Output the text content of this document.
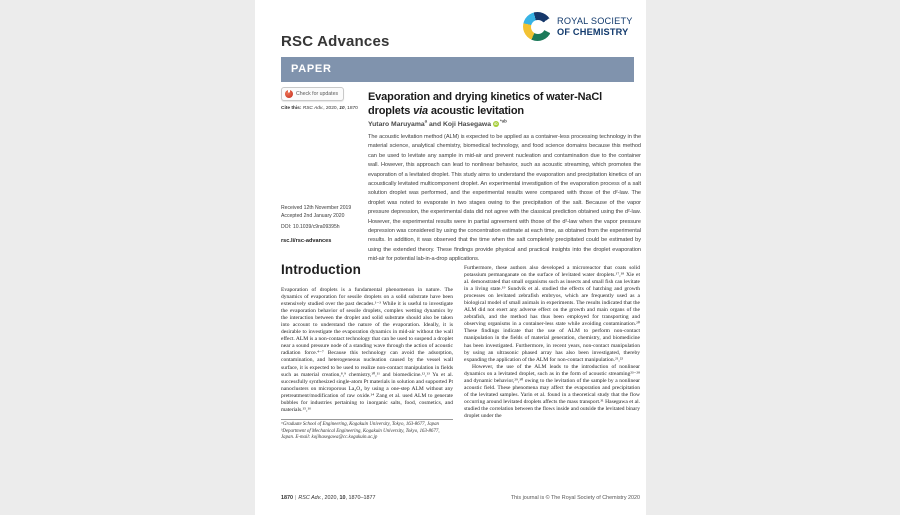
RSC Advances
ROYAL SOCIETY
OF CHEMISTRY
PAPER
Check for updates
Cite this: RSC Adv., 2020, 10, 1870
Received 12th November 2019
Accepted 2nd January 2020
DOI: 10.1039/c9ra09395h
rsc.li/rsc-advances
Evaporation and drying kinetics of water-NaCl
droplets via acoustic levitation
Yutaro Maruyama$^a$ and Koji Hasegawa $iD^{*ab}$
The acoustic levitation method (ALM) is expected to be applied as a container-less processing technology in the material science, analytical chemistry, biomedical technology, and food science domains because this method can be used to levitate any sample in mid-air and prevent nucleation and contamination due to the container wall. However, this approach can lead to nonlinear behavior, such as acoustic streaming, which promotes the evaporation of a levitated droplet. This study aims to understand the evaporation and precipitation kinetics of an acoustically levitated multicomponent droplet. An experimental investigation of the evaporation process of a salt solution droplet was performed, and the experimental results were compared with those of the d²-law. The droplet was noted to evaporate in two stages owing to the precipitation of the salt. Because of the vapor pressure depression, the experimental data did not agree with the classical prediction obtained using the d²-law. However, the experimental results were in partial agreement with those of the d²-law when the vapor pressure depression was considered by using the concentration estimate at each time, as obtained from the experimental results. In addition, it was observed that the time when the salt completely precipitated could be estimated by using the extended theory. These findings provide physical and practical insights into the droplet evaporation mid-air for potential lab-in-a-drop applications.
Introduction

Evaporation of droplets is a fundamental phenomenon in nature. The dynamics of evaporation for sessile droplets on a solid substrate have been extensively studied over the past decades.¹⁻³ While it is useful to investigate the evaporation behavior of sessile droplets, complex wetting dynamics by the interaction between the droplet and solid substrate should also be taken into account to understand the nature of the evaporation. Ideally, it is desirable to investigate the evaporation dynamics in mid-air without the wall effect. ALM is a non-contact technology that can be used to suspend a droplet near a sound pressure node of a standing wave through the action of acoustic radiation force.⁴⁻⁷ Because this technology can avoid the adsorption, contamination, and heterogeneous nucleation caused by the vessel wall surface, it is expected to be used to realize non-contact manipulation in fields such as material creation,⁸,⁹ chemistry,¹⁰,¹¹ and biomedicine.¹²,¹³ Yu et al. successfully synthesized single-atom Pt materials in solution and supported Pt nanoclusters on microporous La₂O₃ by using a one-step ALM without any pretreatment/modification of raw oxide.¹⁴ Zang et al. used ALM to generate bubbles for industries pertaining to inorganic salts, food, cosmetics, and materials.¹⁵,¹⁶

ᵃGraduate School of Engineering, Kogakuin University, Tokyo, 163-8677, Japan

ᵇDepartment of Mechanical Engineering, Kogakuin University, Tokyo, 163-8677, Japan. E-mail: kojihasegawa@cc.kogakuin.ac.jp

Furthermore, these authors also developed a microreactor that coats solid potassium permanganate on the surface of levitated water droplets.¹⁷,¹⁸ Xie et al. demonstrated that small organisms such as insects and small fish can levitate in a living state.¹⁹ Sundvik et al. studied the effects of hatching and growth processes on levitated zebrafish embryos, which are frequently used as a biological model of small animals in experiments. The results indicated that the ALM did not exert any adverse effect on the growth and main organs of the zebrafish, and the method has thus been employed for transporting and observing organisms in a container-less state while avoiding contamination.²⁰ These findings indicate that the use of ALM to perform non-contact manipulation in the fields of material generation, chemistry, and biomedicine has been investigated. Furthermore, in recent years, non-contact manipulation by using an ultrasonic phased array has also been investigated, thereby expanding the application of the ALM for non-contact manipulation.²¹,²²

However, the use of the ALM leads to the introduction of nonlinear dynamics on a levitated droplet, such as in the form of acoustic streaming²³⁻²⁸ and dynamic behavior,²⁹,³⁰ owing to the levitation of the sample by a nonlinear acoustic field. These phenomena may affect the evaporation and precipitation of the levitated samples. Yarin et al. found in a theoretical study that the flow occurring around levitated droplets affects the mass transport.³¹ Hasegawa et al. studied the correlation between the flows inside and outside the levitated binary droplet under the

1870 | RSC Adv., 2020, 10, 1870–1877	This journal is © The Royal Society of Chemistry 2020
